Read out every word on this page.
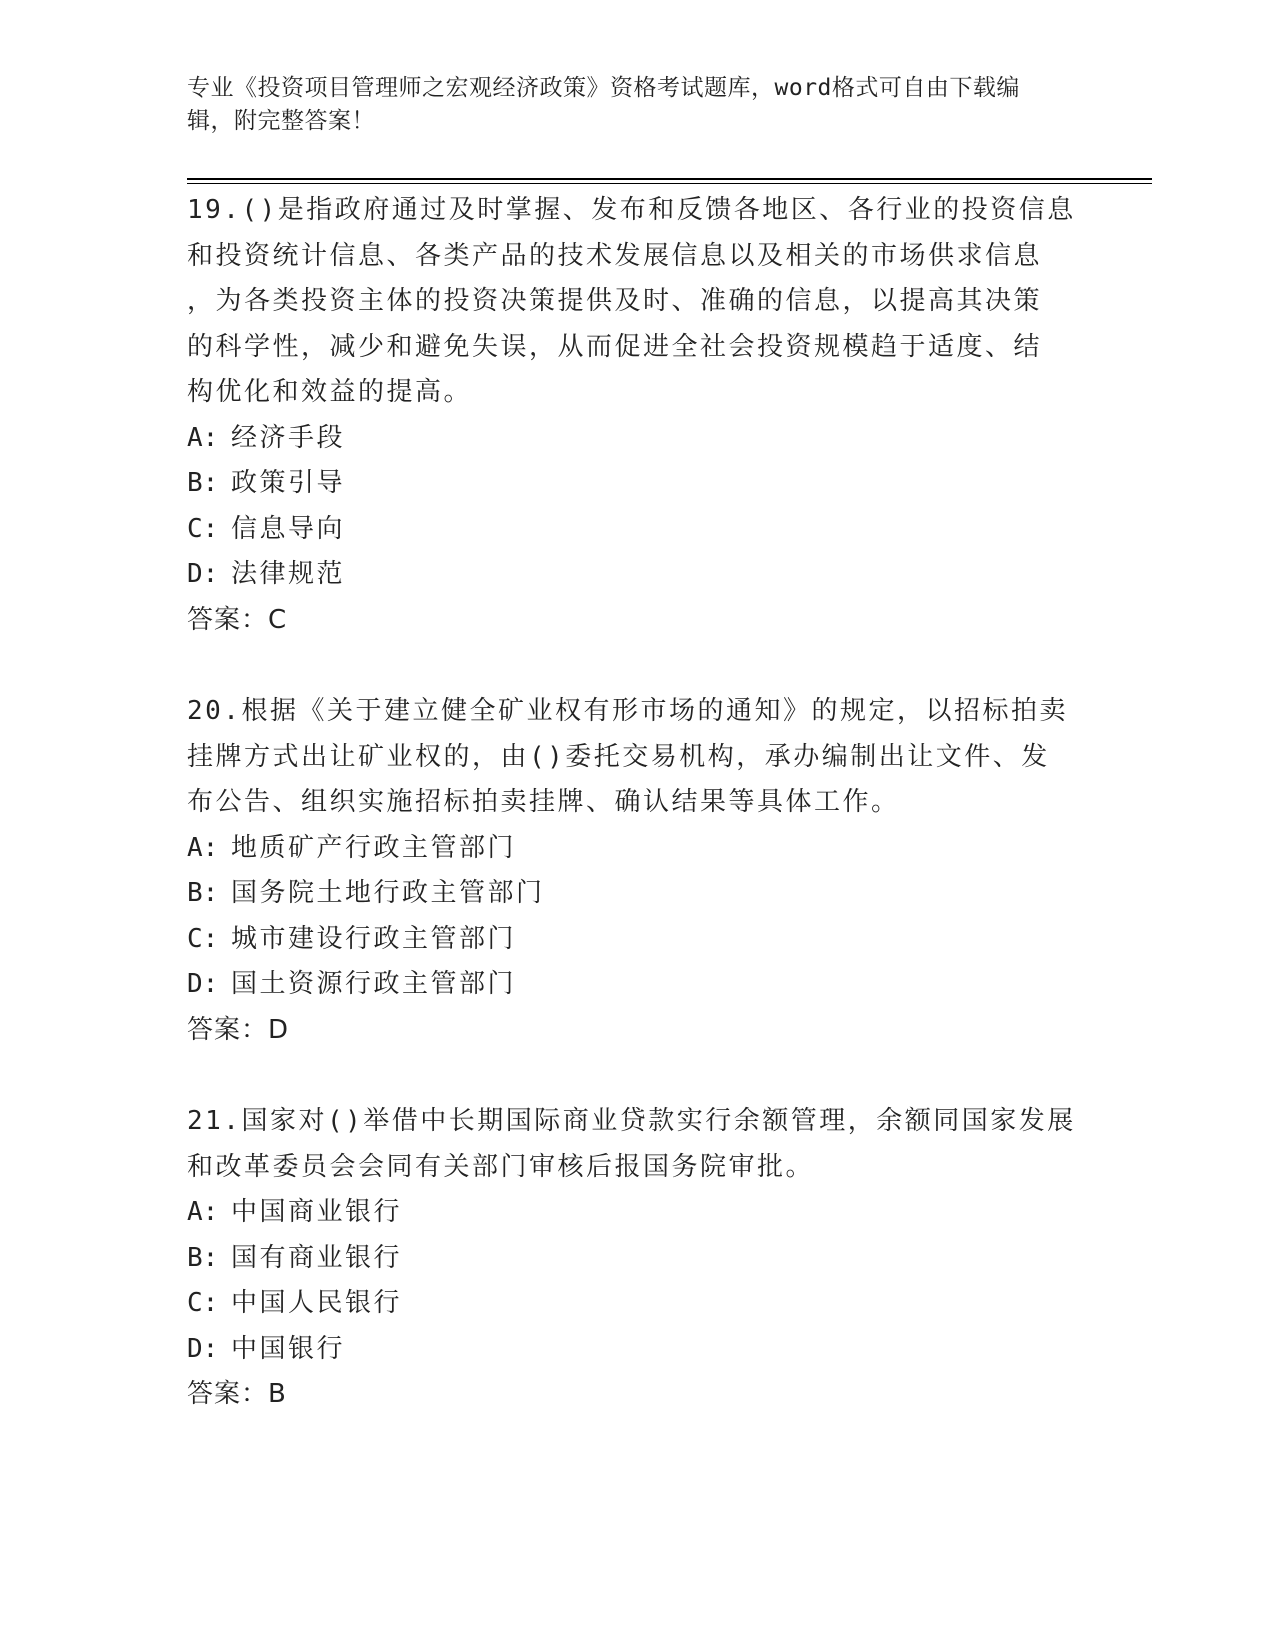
专业《投资项目管理师之宏观经济政策》资格考试题库，word格式可自由下载编
辑，附完整答案！

19.()是指政府通过及时掌握、发布和反馈各地区、各行业的投资信息

和投资统计信息、各类产品的技术发展信息以及相关的市场供求信息

，为各类投资主体的投资决策提供及时、准确的信息，以提高其决策

的科学性，减少和避免失误，从而促进全社会投资规模趋于适度、结

构优化和效益的提高。

A: 经济手段
B: 政策引导
C: 信息导向
D: 法律规范

答案：C

20.根据《关于建立健全矿业权有形市场的通知》的规定，以招标拍卖

挂牌方式出让矿业权的，由()委托交易机构，承办编制出让文件、发

布公告、组织实施招标拍卖挂牌、确认结果等具体工作。

A: 地质矿产行政主管部门
B: 国务院土地行政主管部门
C: 城市建设行政主管部门
D: 国土资源行政主管部门

答案：D

21.国家对()举借中长期国际商业贷款实行余额管理，余额同国家发展

和改革委员会会同有关部门审核后报国务院审批。

A: 中国商业银行
B: 国有商业银行
C: 中国人民银行
D: 中国银行

答案：B
